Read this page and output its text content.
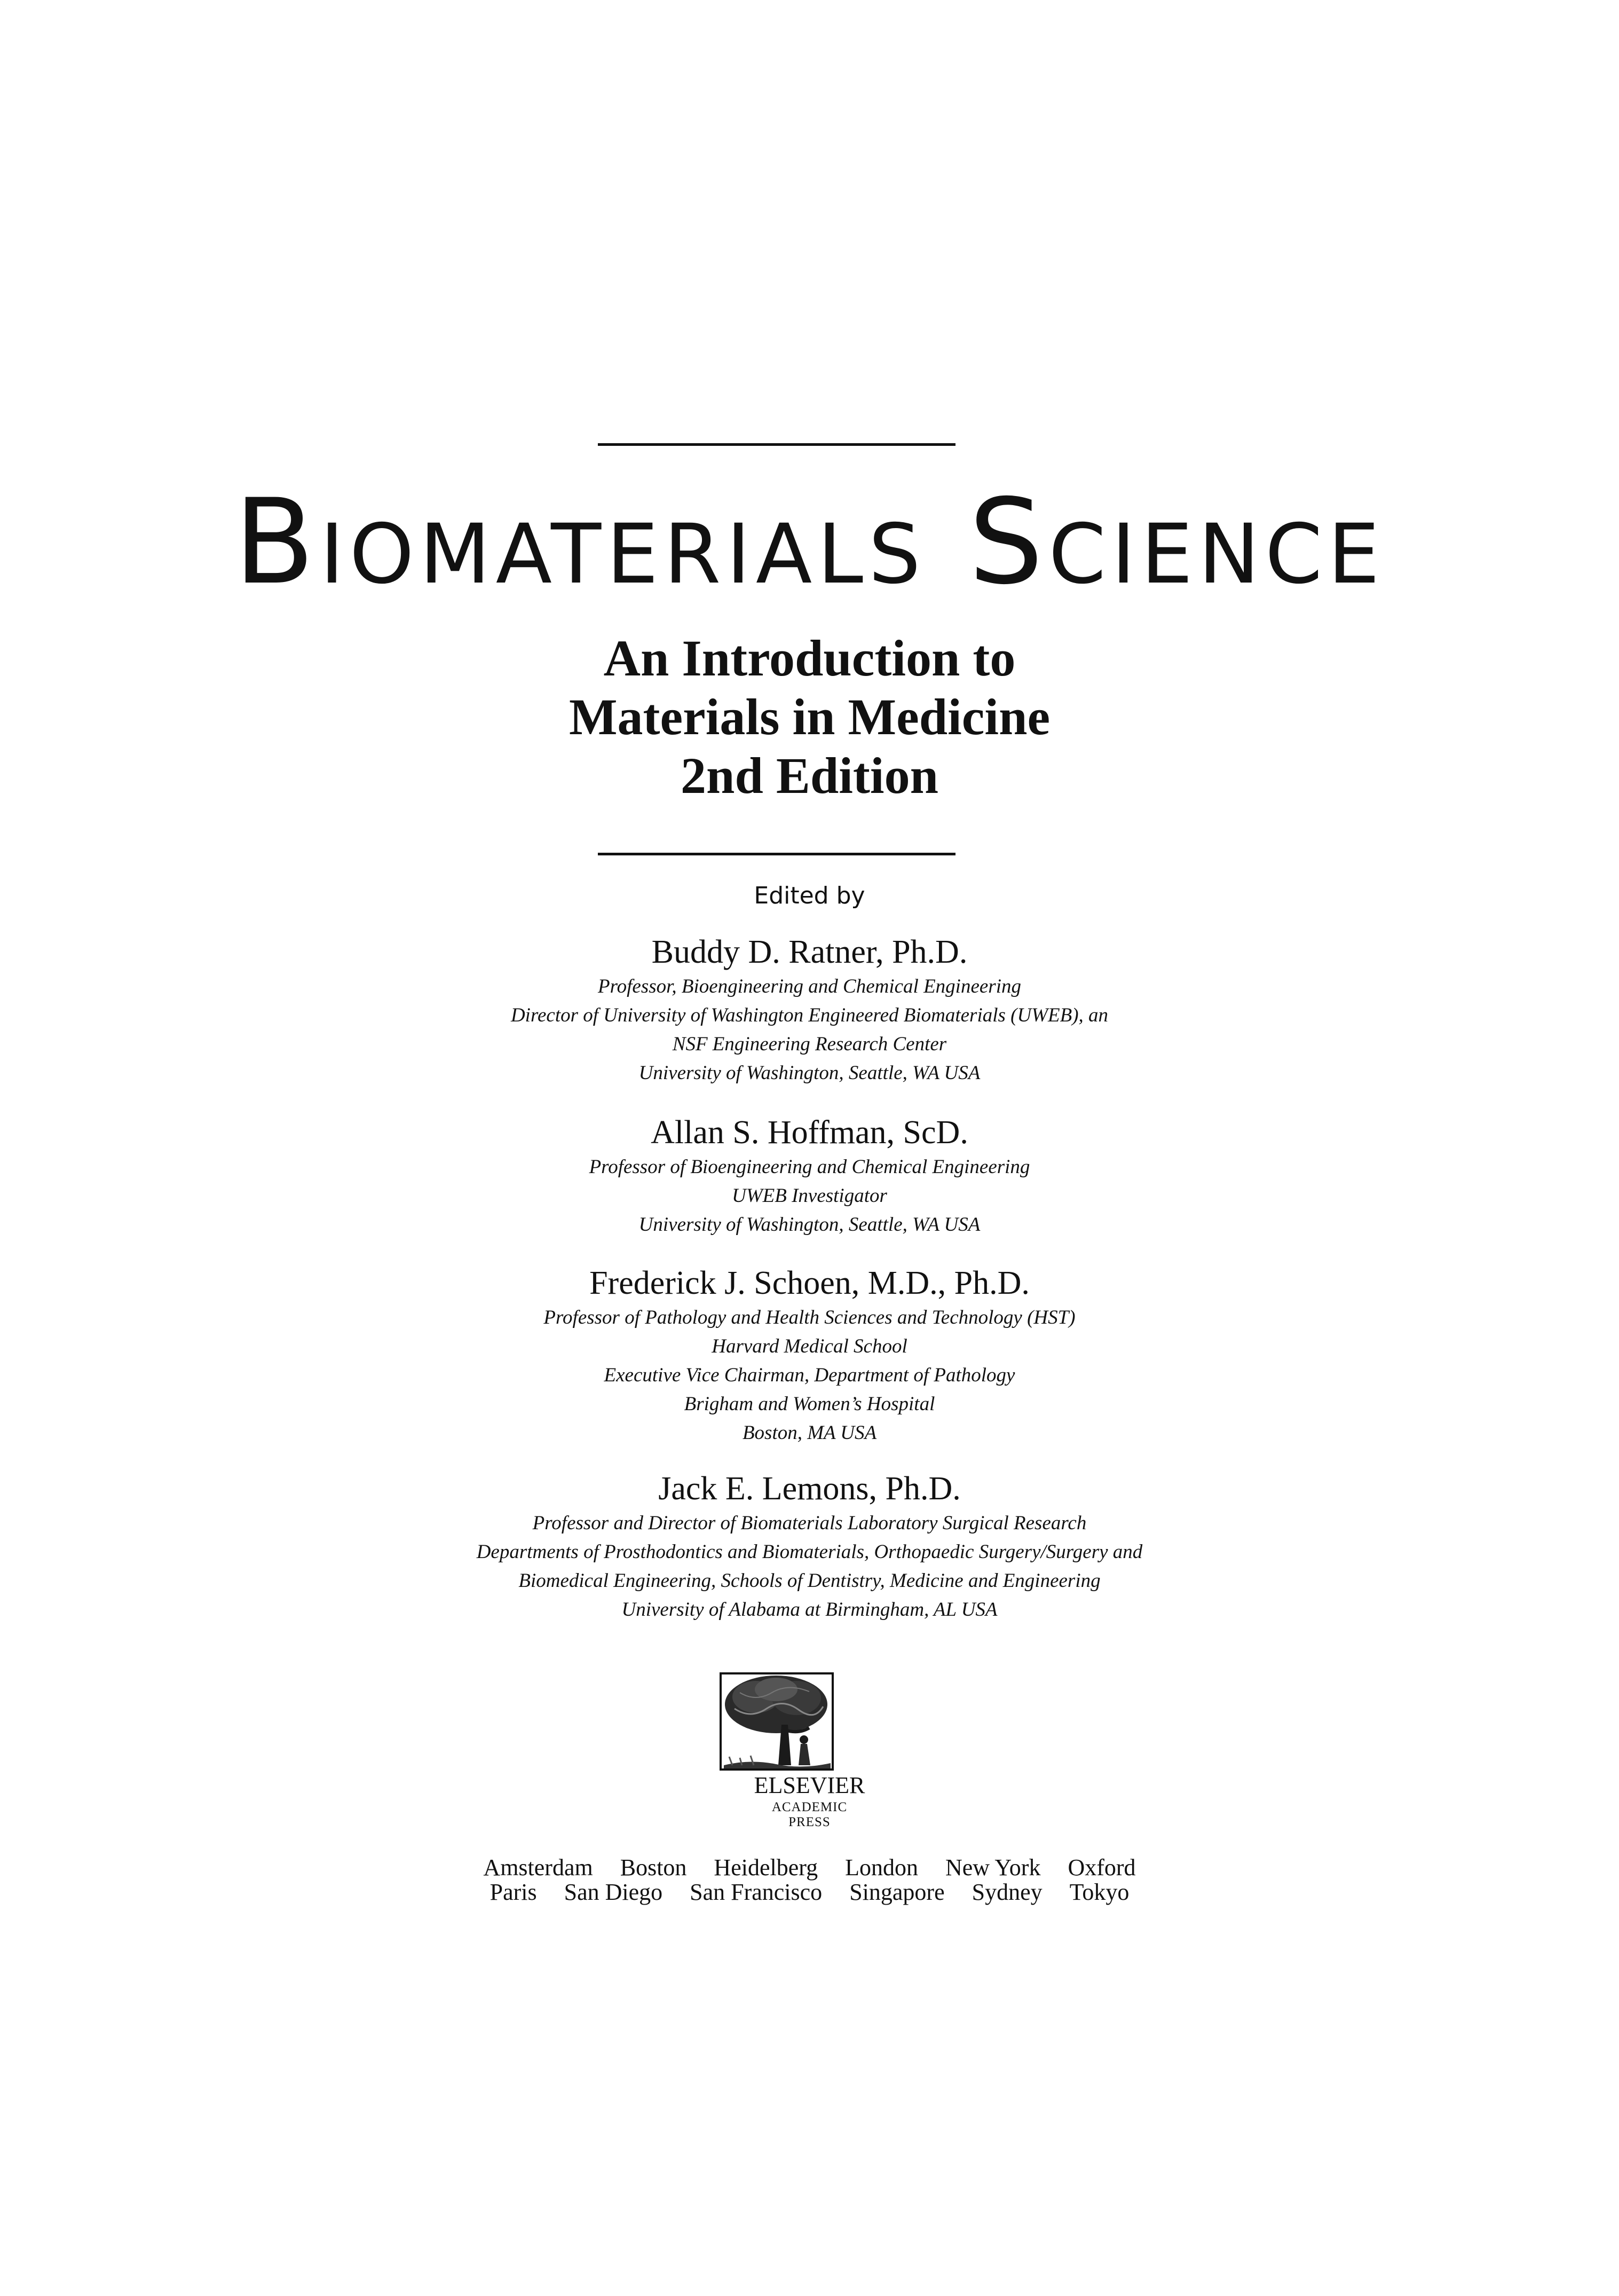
Biomaterials Science
An Introduction to
Materials in Medicine
2nd Edition
Edited by
Buddy D. Ratner, Ph.D.
Professor, Bioengineering and Chemical Engineering
Director of University of Washington Engineered Biomaterials (UWEB), an
NSF Engineering Research Center
University of Washington, Seattle, WA USA
Allan S. Hoffman, ScD.
Professor of Bioengineering and Chemical Engineering
UWEB Investigator
University of Washington, Seattle, WA USA
Frederick J. Schoen, M.D., Ph.D.
Professor of Pathology and Health Sciences and Technology (HST)
Harvard Medical School
Executive Vice Chairman, Department of Pathology
Brigham and Women’s Hospital
Boston, MA USA
Jack E. Lemons, Ph.D.
Professor and Director of Biomaterials Laboratory Surgical Research
Departments of Prosthodontics and Biomaterials, Orthopaedic Surgery/Surgery and
Biomedical Engineering, Schools of Dentistry, Medicine and Engineering
University of Alabama at Birmingham, AL USA
ELSEVIER
ACADEMIC
PRESS
Amsterdam Boston Heidelberg London New York Oxford
Paris San Diego San Francisco Singapore Sydney Tokyo
